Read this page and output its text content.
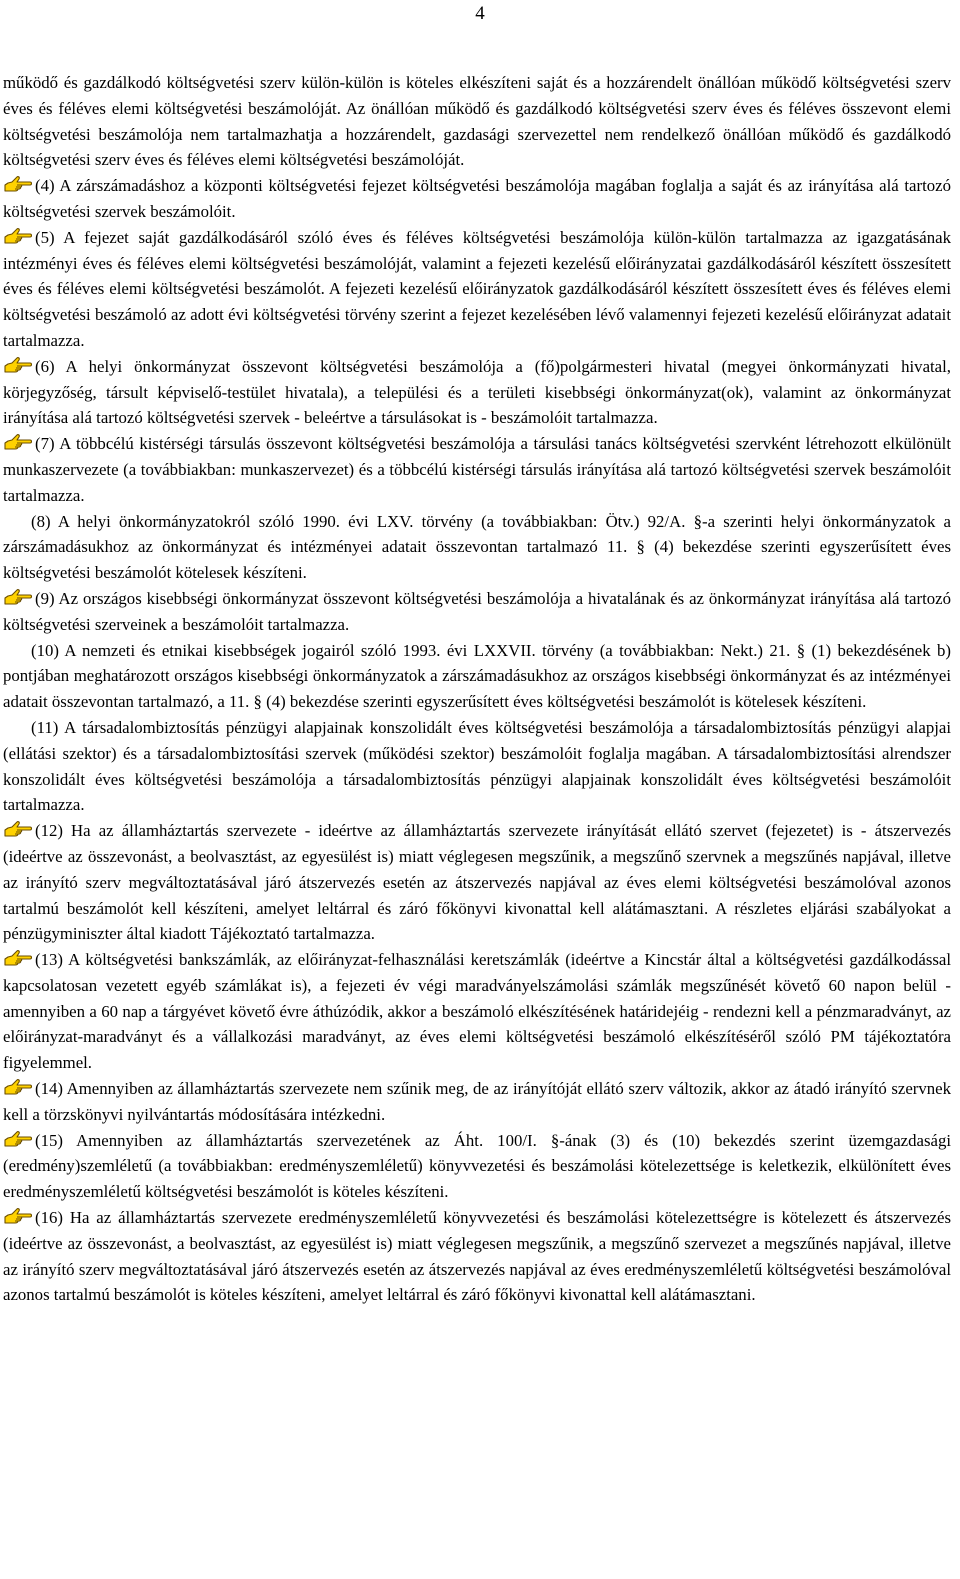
4

működő és gazdálkodó költségvetési szerv külön-külön is köteles elkészíteni saját és a hozzárendelt önállóan működő költségvetési szerv éves és féléves elemi költségvetési beszámolóját. Az önállóan működő és gazdálkodó költségvetési szerv éves és féléves összevont elemi költségvetési beszámolója nem tartalmazhatja a hozzárendelt, gazdasági szervezettel nem rendelkező önállóan működő és gazdálkodó költségvetési szerv éves és féléves elemi költségvetési beszámolóját.

(4) A zárszámadáshoz a központi költségvetési fejezet költségvetési beszámolója magában foglalja a saját és az irányítása alá tartozó költségvetési szervek beszámolóit.

(5) A fejezet saját gazdálkodásáról szóló éves és féléves költségvetési beszámolója külön-külön tartalmazza az igazgatásának intézményi éves és féléves elemi költségvetési beszámolóját, valamint a fejezeti kezelésű előirányzatai gazdálkodásáról készített összesített éves és féléves elemi költségvetési beszámolót. A fejezeti kezelésű előirányzatok gazdálkodásáról készített összesített éves és féléves elemi költségvetési beszámoló az adott évi költségvetési törvény szerint a fejezet kezelésében lévő valamennyi fejezeti kezelésű előirányzat adatait tartalmazza.

(6) A helyi önkormányzat összevont költségvetési beszámolója a (fő)polgármesteri hivatal (megyei önkormányzati hivatal, körjegyzőség, társult képviselő-testület hivatala), a települési és a területi kisebbségi önkormányzat(ok), valamint az önkormányzat irányítása alá tartozó költségvetési szervek - beleértve a társulásokat is - beszámolóit tartalmazza.

(7) A többcélú kistérségi társulás összevont költségvetési beszámolója a társulási tanács költségvetési szervként létrehozott elkülönült munkaszervezete (a továbbiakban: munkaszervezet) és a többcélú kistérségi társulás irányítása alá tartozó költségvetési szervek beszámolóit tartalmazza.

(8) A helyi önkormányzatokról szóló 1990. évi LXV. törvény (a továbbiakban: Ötv.) 92/A. §-a szerinti helyi önkormányzatok a zárszámadásukhoz az önkormányzat és intézményei adatait összevontan tartalmazó 11. § (4) bekezdése szerinti egyszerűsített éves költségvetési beszámolót kötelesek készíteni.

(9) Az országos kisebbségi önkormányzat összevont költségvetési beszámolója a hivatalának és az önkormányzat irányítása alá tartozó költségvetési szerveinek a beszámolóit tartalmazza.

(10) A nemzeti és etnikai kisebbségek jogairól szóló 1993. évi LXXVII. törvény (a továbbiakban: Nekt.) 21. § (1) bekezdésének b) pontjában meghatározott országos kisebbségi önkormányzatok a zárszámadásukhoz az országos kisebbségi önkormányzat és az intézményei adatait összevontan tartalmazó, a 11. § (4) bekezdése szerinti egyszerűsített éves költségvetési beszámolót is kötelesek készíteni.

(11) A társadalombiztosítás pénzügyi alapjainak konszolidált éves költségvetési beszámolója a társadalombiztosítás pénzügyi alapjai (ellátási szektor) és a társadalombiztosítási szervek (működési szektor) beszámolóit foglalja magában. A társadalombiztosítási alrendszer konszolidált éves költségvetési beszámolója a társadalombiztosítás pénzügyi alapjainak konszolidált éves költségvetési beszámolóit tartalmazza.

(12) Ha az államháztartás szervezete - ideértve az államháztartás szervezete irányítását ellátó szervet (fejezetet) is - átszervezés (ideértve az összevonást, a beolvasztást, az egyesülést is) miatt véglegesen megszűnik, a megszűnő szervnek a megszűnés napjával, illetve az irányító szerv megváltoztatásával járó átszervezés esetén az átszervezés napjával az éves elemi költségvetési beszámolóval azonos tartalmú beszámolót kell készíteni, amelyet leltárral és záró főkönyvi kivonattal kell alátámasztani. A részletes eljárási szabályokat a pénzügyminiszter által kiadott Tájékoztató tartalmazza.

(13) A költségvetési bankszámlák, az előirányzat-felhasználási keretszámlák (ideértve a Kincstár által a költségvetési gazdálkodással kapcsolatosan vezetett egyéb számlákat is), a fejezeti év végi maradványelszámolási számlák megszűnését követő 60 napon belül - amennyiben a 60 nap a tárgyévet követő évre áthúzódik, akkor a beszámoló elkészítésének határidejéig - rendezni kell a pénzmaradványt, az előirányzat-maradványt és a vállalkozási maradványt, az éves elemi költségvetési beszámoló elkészítéséről szóló PM tájékoztatóra figyelemmel.

(14) Amennyiben az államháztartás szervezete nem szűnik meg, de az irányítóját ellátó szerv változik, akkor az átadó irányító szervnek kell a törzskönyvi nyilvántartás módosítására intézkedni.

(15) Amennyiben az államháztartás szervezetének az Áht. 100/I. §-ának (3) és (10) bekezdés szerint üzemgazdasági (eredmény)szemléletű (a továbbiakban: eredményszemléletű) könyvvezetési és beszámolási kötelezettsége is keletkezik, elkülönített éves eredményszemléletű költségvetési beszámolót is köteles készíteni.

(16) Ha az államháztartás szervezete eredményszemléletű könyvvezetési és beszámolási kötelezettségre is kötelezett és átszervezés (ideértve az összevonást, a beolvasztást, az egyesülést is) miatt véglegesen megszűnik, a megszűnő szervezet a megszűnés napjával, illetve az irányító szerv megváltoztatásával járó átszervezés esetén az átszervezés napjával az éves eredményszemléletű költségvetési beszámolóval azonos tartalmú beszámolót is köteles készíteni, amelyet leltárral és záró főkönyvi kivonattal kell alátámasztani.
